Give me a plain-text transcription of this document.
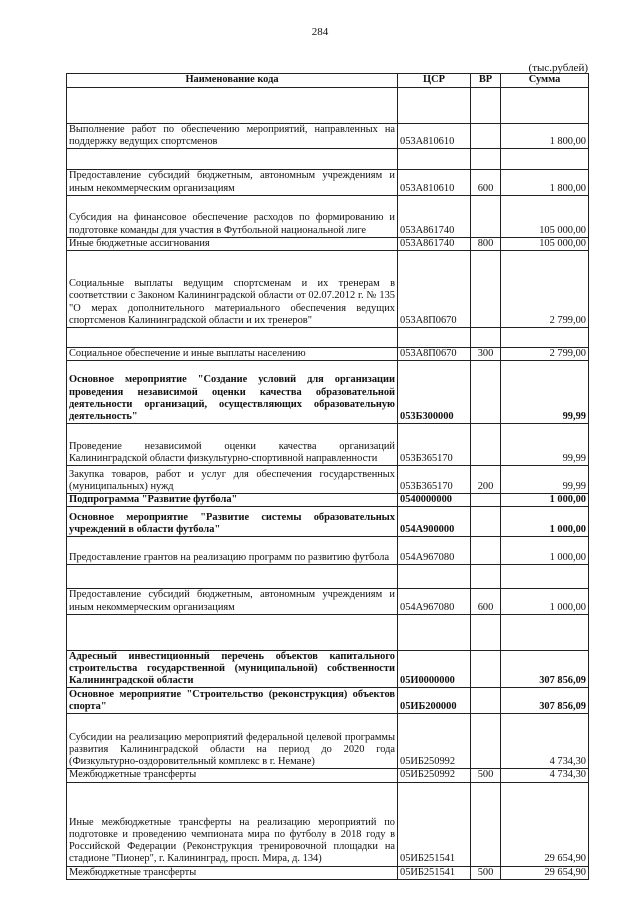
284
(тыс.рублей)
Наименование кода	ЦСР	ВР	Сумма

Выполнение работ по обеспечению мероприятий, направленных на поддержку ведущих спортсменов	053А810610		1 800,00

Предоставление субсидий бюджетным, автономным учреждениям и иным некоммерческим организациям	053А810610	600	1 800,00
Субсидия на финансовое обеспечение расходов по формированию и подготовке команды для участия в Футбольной национальной лиге	053А861740		105 000,00
Иные бюджетные ассигнования	053А861740	800	105 000,00
Социальные выплаты ведущим спортсменам и их тренерам в соответствии с Законом Калининградской области от 02.07.2012 г. № 135 "О мерах дополнительного материального обеспечения ведущих спортсменов Калининградской области и их тренеров"	053А8П0670		2 799,00

Социальное обеспечение и иные выплаты населению	053А8П0670	300	2 799,00
Основное мероприятие "Создание условий для организации проведения независимой оценки качества образовательной деятельности организаций, осуществляющих образовательную деятельность"	053Б300000		99,99
Проведение независимой оценки качества организаций Калининградской области физкультурно-спортивной направленности	053Б365170		99,99
Закупка товаров, работ и услуг для обеспечения государственных (муниципальных) нужд	053Б365170	200	99,99
Подпрограмма "Развитие футбола"	0540000000		1 000,00
Основное мероприятие "Развитие системы образовательных учреждений в области футбола"	054А900000		1 000,00
Предоставление грантов на реализацию программ по развитию футбола	054А967080		1 000,00

Предоставление субсидий бюджетным, автономным учреждениям и иным некоммерческим организациям	054А967080	600	1 000,00

Адресный инвестиционный перечень объектов капитального строительства государственной (муниципальной) собственности Калининградской области	05И0000000		307 856,09
Основное мероприятие "Строительство (реконструкция) объектов спорта"	05ИБ200000		307 856,09
Субсидии на реализацию мероприятий федеральной целевой программы развития Калининградской области на период до 2020 года (Физкультурно-оздоровительный комплекс в г. Немане)	05ИБ250992		4 734,30
Межбюджетные трансферты	05ИБ250992	500	4 734,30
Иные межбюджетные трансферты на реализацию мероприятий по подготовке и проведению чемпионата мира по футболу в 2018 году в Российской Федерации (Реконструкция тренировочной площадки на стадионе "Пионер", г. Калининград, просп. Мира, д. 134)	05ИБ251541		29 654,90
Межбюджетные трансферты	05ИБ251541	500	29 654,90
